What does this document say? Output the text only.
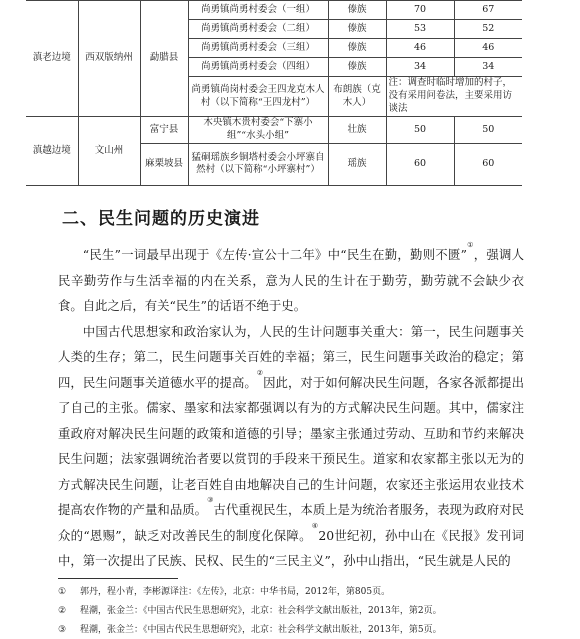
滇老边境	西双版纳州	勐腊县	尚勇镇尚勇村委会（一组）	傣族	70	67
			尚勇镇尚勇村委会（二组）	傣族	53	52
			尚勇镇尚勇村委会（三组）	傣族	46	46
			尚勇镇尚勇村委会（四组）	傣族	34	34
			尚勇镇尚岗村委会王四龙克木人村（以下简称“王四龙村”）	布朗族（克木人）	注：调查时临时增加的村子，没有采用问卷法，主要采用访谈法	
滇越边境	文山州	富宁县	木央镇木贵村委会“下寨小组”“水头小组”	壮族	50	50
		麻栗坡县	猛硐瑶族乡铜塔村委会小坪寨自然村（以下简称“小坪寨村”）	瑶族	60	60
二、民生问题的历史演进

“民生”一词最早出现于《左传·宣公十二年》中“民生在勤，勤则不匮”①，强调人民辛勤劳作与生活幸福的内在关系，意为人民的生计在于勤劳，勤劳就不会缺少衣食。自此之后，有关“民生”的话语不绝于史。

中国古代思想家和政治家认为，人民的生计问题事关重大：第一，民生问题事关人类的生存；第二，民生问题事关百姓的幸福；第三，民生问题事关政治的稳定；第四，民生问题事关道德水平的提高。②因此，对于如何解决民生问题，各家各派都提出了自己的主张。儒家、墨家和法家都强调以有为的方式解决民生问题。其中，儒家注重政府对解决民生问题的政策和道德的引导；墨家主张通过劳动、互助和节约来解决民生问题；法家强调统治者要以赏罚的手段来干预民生。道家和农家都主张以无为的方式解决民生问题，让老百姓自由地解决自己的生计问题，农家还主张运用农业技术提高农作物的产量和品质。③古代重视民生，本质上是为统治者服务，表现为政府对民众的“恩赐”，缺乏对改善民生的制度化保障。④20世纪初，孙中山在《民报》发刊词中，第一次提出了民族、民权、民生的“三民主义”，孙中山指出，“民生就是人民的

① 郭丹，程小青，李彬源译注：《左传》，北京：中华书局，2012年，第805页。
② 程潮，张金兰：《中国古代民生思想研究》，北京：社会科学文献出版社，2013年，第2页。
③ 程潮，张金兰：《中国古代民生思想研究》，北京：社会科学文献出版社，2013年，第5页。
